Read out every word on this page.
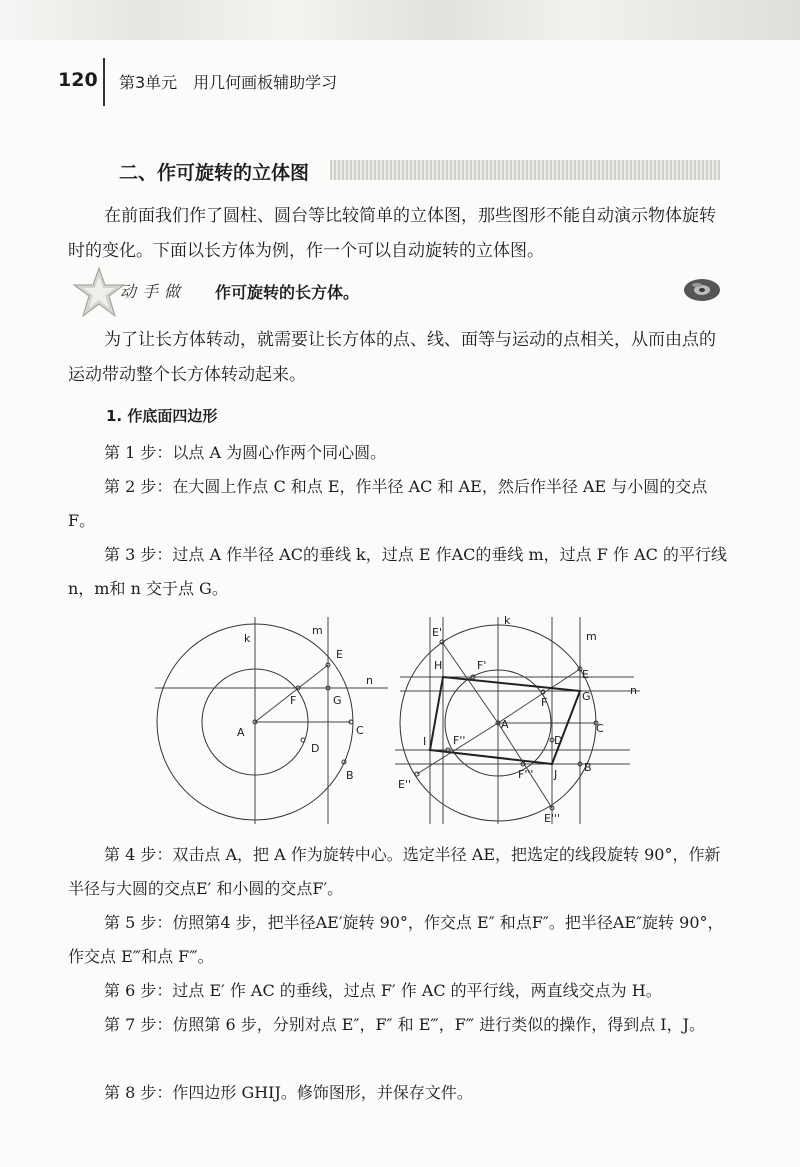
120 第3单元　用几何画板辅助学习
二、作可旋转的立体图

在前面我们作了圆柱、圆台等比较简单的立体图，那些图形不能自动演示物体旋转时的变化。下面以长方体为例，作一个可以自动旋转的立体图。

动手做 作可旋转的长方体。

为了让长方体转动，就需要让长方体的点、线、面等与运动的点相关，从而由点的运动带动整个长方体转动起来。

1. 作底面四边形

第 1 步：以点 A 为圆心作两个同心圆。

第 2 步：在大圆上作点 C 和点 E，作半径 AC 和 AE，然后作半径 AE 与小圆的交点 F。

第 3 步：过点 A 作半径 AC的垂线 k，过点 E 作AC的垂线 m，过点 F 作 AC 的平行线 n，m和 n 交于点 G。

k
m
E
n
F	G
A	C
D
B
E'
k
m
H	F'
E
G	n
F
A	C
I F''	D
B
E''
F''' J
E'''

第 4 步：双击点 A，把 A 作为旋转中心。选定半径 AE，把选定的线段旋转 90°，作新半径与大圆的交点E′ 和小圆的交点F′。

第 5 步：仿照第4 步，把半径AE′旋转 90°，作交点 E″ 和点F″。把半径AE″旋转 90°，作交点 E‴和点 F‴。

第 6 步：过点 E′ 作 AC 的垂线，过点 F′ 作 AC 的平行线，两直线交点为 H。

第 7 步：仿照第 6 步，分别对点 E″，F″ 和 E‴，F‴ 进行类似的操作，得到点 I，J。

第 8 步：作四边形 GHIJ。修饰图形，并保存文件。
